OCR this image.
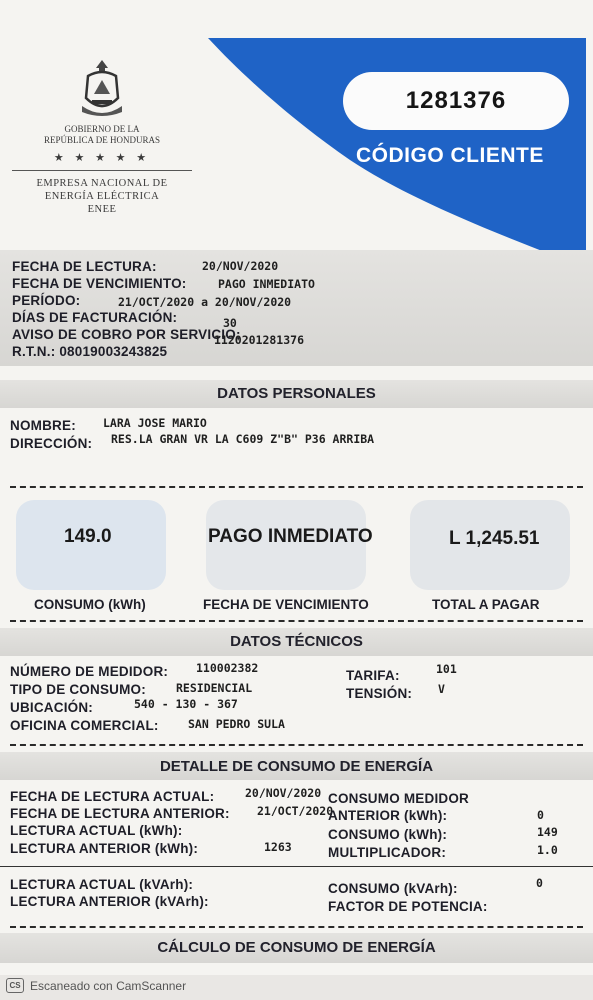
1281376
CÓDIGO CLIENTE
GOBIERNO DE LA
REPÚBLICA DE HONDURAS
★ ★ ★ ★ ★
EMPRESA NACIONAL DE
ENERGÍA ELÉCTRICA
ENEE
FECHA DE LECTURA:	20/NOV/2020
FECHA DE VENCIMIENTO:	PAGO INMEDIATO
PERÍODO:	21/OCT/2020 a 20/NOV/2020
DÍAS DE FACTURACIÓN:	30
AVISO DE COBRO POR SERVICIO:
1120201281376
R.T.N.: 08019003243825
DATOS PERSONALES
NOMBRE: LARA JOSE MARIO
DIRECCIÓN: RES.LA GRAN VR LA C609 Z"B" P36 ARRIBA
149.0	PAGO INMEDIATO	L 1,245.51
CONSUMO (kWh)	FECHA DE VENCIMIENTO	TOTAL A PAGAR
DATOS TÉCNICOS
NÚMERO DE MEDIDOR: 110002382
TIPO DE CONSUMO:	RESIDENCIAL
UBICACIÓN:	540 - 130 - 367
OFICINA COMERCIAL:	SAN PEDRO SULA
TARIFA:	101
TENSIÓN: V
DETALLE DE CONSUMO DE ENERGÍA
FECHA DE LECTURA ACTUAL:	20/NOV/2020
FECHA DE LECTURA ANTERIOR: 21/OCT/2020
LECTURA ACTUAL (kWh):
LECTURA ANTERIOR (kWh):	1263
CONSUMO MEDIDOR
ANTERIOR (kWh):	0
CONSUMO (kWh):	149
MULTIPLICADOR:	1.0
LECTURA ACTUAL (kVArh):
LECTURA ANTERIOR (kVArh):
CONSUMO (kVArh):	0
FACTOR DE POTENCIA:
CÁLCULO DE CONSUMO DE ENERGÍA
CS Escaneado con CamScanner
